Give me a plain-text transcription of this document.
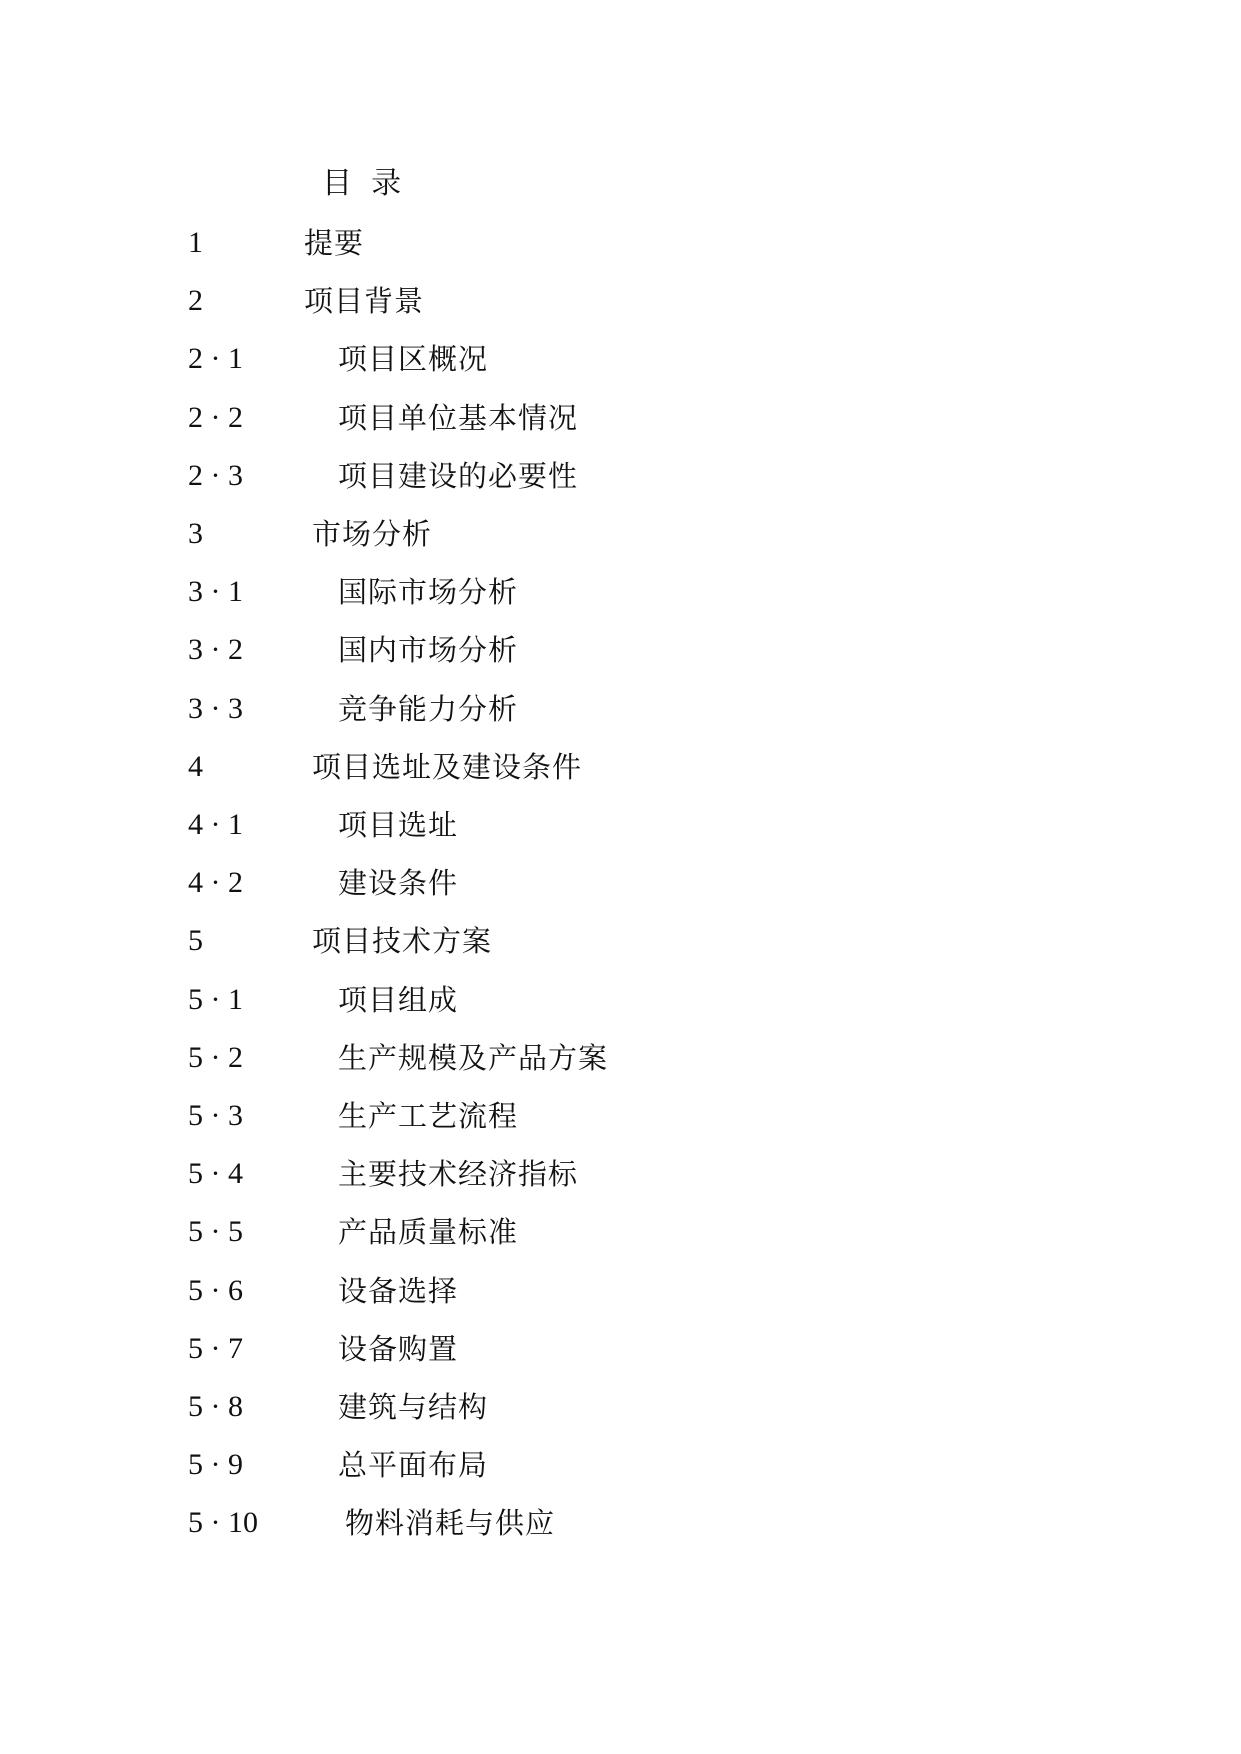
目  录
1	提要
2	项目背景
2 · 1	项目区概况
2 · 2	项目单位基本情况
2 · 3	项目建设的必要性
3	市场分析
3 · 1	国际市场分析
3 · 2	国内市场分析
3 · 3	竞争能力分析
4	项目选址及建设条件
4 · 1	项目选址
4 · 2	建设条件
5	项目技术方案
5 · 1	项目组成
5 · 2	生产规模及产品方案
5 · 3	生产工艺流程
5 · 4	主要技术经济指标
5 · 5	产品质量标准
5 · 6	设备选择
5 · 7	设备购置
5 · 8	建筑与结构
5 · 9	总平面布局
5 · 10	物料消耗与供应
